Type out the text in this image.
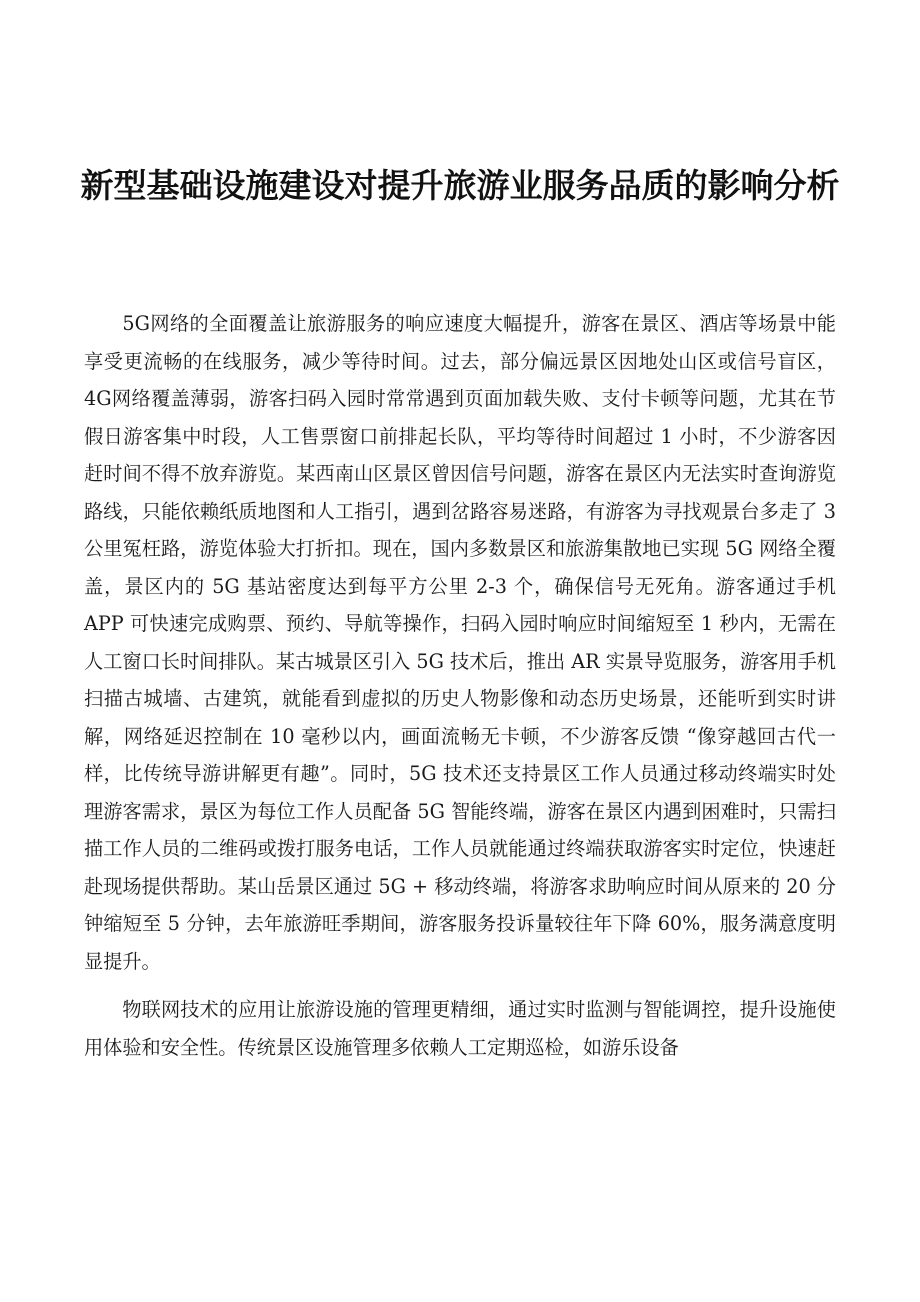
新型基础设施建设对提升旅游业服务品质的影响分析

5G网络的全面覆盖让旅游服务的响应速度大幅提升，游客在景区、酒店等场景中能享受更流畅的在线服务，减少等待时间。过去，部分偏远景区因地处山区或信号盲区，4G网络覆盖薄弱，游客扫码入园时常常遇到页面加载失败、支付卡顿等问题，尤其在节假日游客集中时段，人工售票窗口前排起长队，平均等待时间超过 1 小时，不少游客因赶时间不得不放弃游览。某西南山区景区曾因信号问题，游客在景区内无法实时查询游览路线，只能依赖纸质地图和人工指引，遇到岔路容易迷路，有游客为寻找观景台多走了 3 公里冤枉路，游览体验大打折扣。现在，国内多数景区和旅游集散地已实现 5G 网络全覆盖，景区内的 5G 基站密度达到每平方公里 2-3 个，确保信号无死角。游客通过手机 APP 可快速完成购票、预约、导航等操作，扫码入园时响应时间缩短至 1 秒内，无需在人工窗口长时间排队。某古城景区引入 5G 技术后，推出 AR 实景导览服务，游客用手机扫描古城墙、古建筑，就能看到虚拟的历史人物影像和动态历史场景，还能听到实时讲解，网络延迟控制在 10 毫秒以内，画面流畅无卡顿，不少游客反馈 “像穿越回古代一样，比传统导游讲解更有趣”。同时，5G 技术还支持景区工作人员通过移动终端实时处理游客需求，景区为每位工作人员配备 5G 智能终端，游客在景区内遇到困难时，只需扫描工作人员的二维码或拨打服务电话，工作人员就能通过终端获取游客实时定位，快速赶赴现场提供帮助。某山岳景区通过 5G + 移动终端，将游客求助响应时间从原来的 20 分钟缩短至 5 分钟，去年旅游旺季期间，游客服务投诉量较往年下降 60%，服务满意度明显提升。

物联网技术的应用让旅游设施的管理更精细，通过实时监测与智能调控，提升设施使用体验和安全性。传统景区设施管理多依赖人工定期巡检，如游乐设备
